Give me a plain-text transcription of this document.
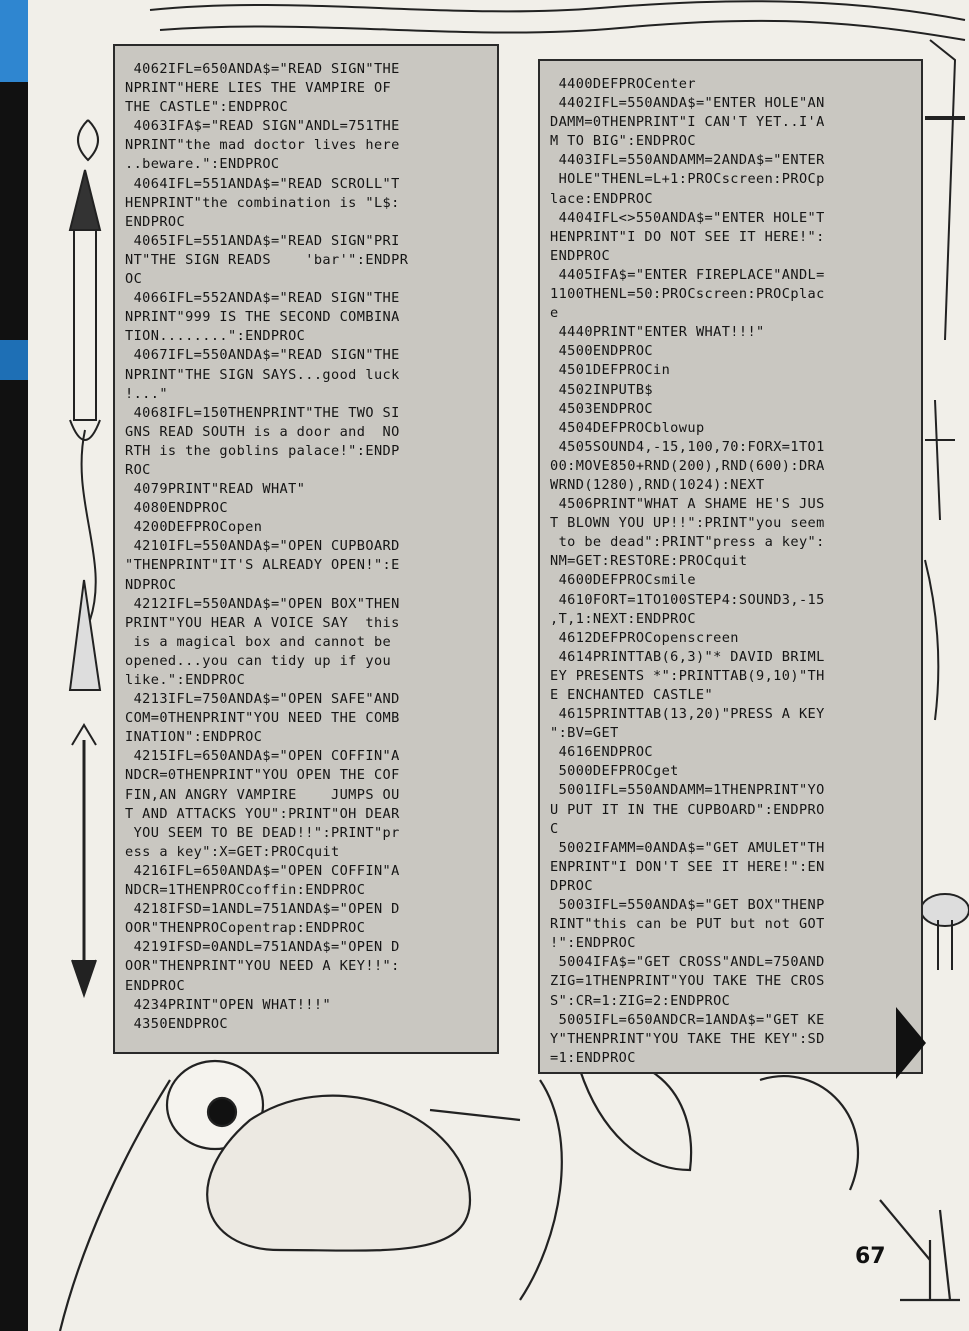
4062IFL=650ANDA$="READ SIGN"THE
NPRINT"HERE LIES THE VAMPIRE OF
THE CASTLE":ENDPROC
4063IFA$="READ SIGN"ANDL=751THE
NPRINT"the mad doctor lives here
..beware.":ENDPROC
4064IFL=551ANDA$="READ SCROLL"T
HENPRINT"the combination is "L$:
ENDPROC
4065IFL=551ANDA$="READ SIGN"PRI
NT"THE SIGN READS    'bar'":ENDPR
OC
4066IFL=552ANDA$="READ SIGN"THE
NPRINT"999 IS THE SECOND COMBINA
TION........":ENDPROC
4067IFL=550ANDA$="READ SIGN"THE
NPRINT"THE SIGN SAYS...good luck
!..."
4068IFL=150THENPRINT"THE TWO SI
GNS READ SOUTH is a door and  NO
RTH is the goblins palace!":ENDP
ROC
4079PRINT"READ WHAT"
4080ENDPROC
4200DEFPROCopen
4210IFL=550ANDA$="OPEN CUPBOARD
"THENPRINT"IT'S ALREADY OPEN!":E
NDPROC
4212IFL=550ANDA$="OPEN BOX"THEN
PRINT"YOU HEAR A VOICE SAY  this
is a magical box and cannot be
opened...you can tidy up if you
like.":ENDPROC
4213IFL=750ANDA$="OPEN SAFE"AND
COM=0THENPRINT"YOU NEED THE COMB
INATION":ENDPROC
4215IFL=650ANDA$="OPEN COFFIN"A
NDCR=0THENPRINT"YOU OPEN THE COF
FIN,AN ANGRY VAMPIRE    JUMPS OU
T AND ATTACKS YOU":PRINT"OH DEAR
YOU SEEM TO BE DEAD!!":PRINT"pr
ess a key":X=GET:PROCquit
4216IFL=650ANDA$="OPEN COFFIN"A
NDCR=1THENPROCcoffin:ENDPROC
4218IFSD=1ANDL=751ANDA$="OPEN D
OOR"THENPROCopentrap:ENDPROC
4219IFSD=0ANDL=751ANDA$="OPEN D
OOR"THENPRINT"YOU NEED A KEY!!":
ENDPROC
4234PRINT"OPEN WHAT!!!"
4350ENDPROC
4400DEFPROCenter
4402IFL=550ANDA$="ENTER HOLE"AN
DAMM=0THENPRINT"I CAN'T YET..I'A
M TO BIG":ENDPROC
4403IFL=550ANDAMM=2ANDA$="ENTER
HOLE"THENL=L+1:PROCscreen:PROCp
lace:ENDPROC
4404IFL<>550ANDA$="ENTER HOLE"T
HENPRINT"I DO NOT SEE IT HERE!":
ENDPROC
4405IFA$="ENTER FIREPLACE"ANDL=
1100THENL=50:PROCscreen:PROCplac
e
4440PRINT"ENTER WHAT!!!"
4500ENDPROC
4501DEFPROCin
4502INPUTB$
4503ENDPROC
4504DEFPROCblowup
4505SOUND4,-15,100,70:FORX=1TO1
00:MOVE850+RND(200),RND(600):DRA
WRND(1280),RND(1024):NEXT
4506PRINT"WHAT A SHAME HE'S JUS
T BLOWN YOU UP!!":PRINT"you seem
to be dead":PRINT"press a key":
NM=GET:RESTORE:PROCquit
4600DEFPROCsmile
4610FORT=1TO100STEP4:SOUND3,-15
,T,1:NEXT:ENDPROC
4612DEFPROCopenscreen
4614PRINTTAB(6,3)"* DAVID BRIML
EY PRESENTS *":PRINTTAB(9,10)"TH
E ENCHANTED CASTLE"
4615PRINTTAB(13,20)"PRESS A KEY
":BV=GET
4616ENDPROC
5000DEFPROCget
5001IFL=550ANDAMM=1THENPRINT"YO
U PUT IT IN THE CUPBOARD":ENDPRO
C
5002IFAMM=0ANDA$="GET AMULET"TH
ENPRINT"I DON'T SEE IT HERE!":EN
DPROC
5003IFL=550ANDA$="GET BOX"THENP
RINT"this can be PUT but not GOT
!":ENDPROC
5004IFA$="GET CROSS"ANDL=750AND
ZIG=1THENPRINT"YOU TAKE THE CROS
S":CR=1:ZIG=2:ENDPROC
5005IFL=650ANDCR=1ANDA$="GET KE
Y"THENPRINT"YOU TAKE THE KEY":SD
=1:ENDPROC
67
